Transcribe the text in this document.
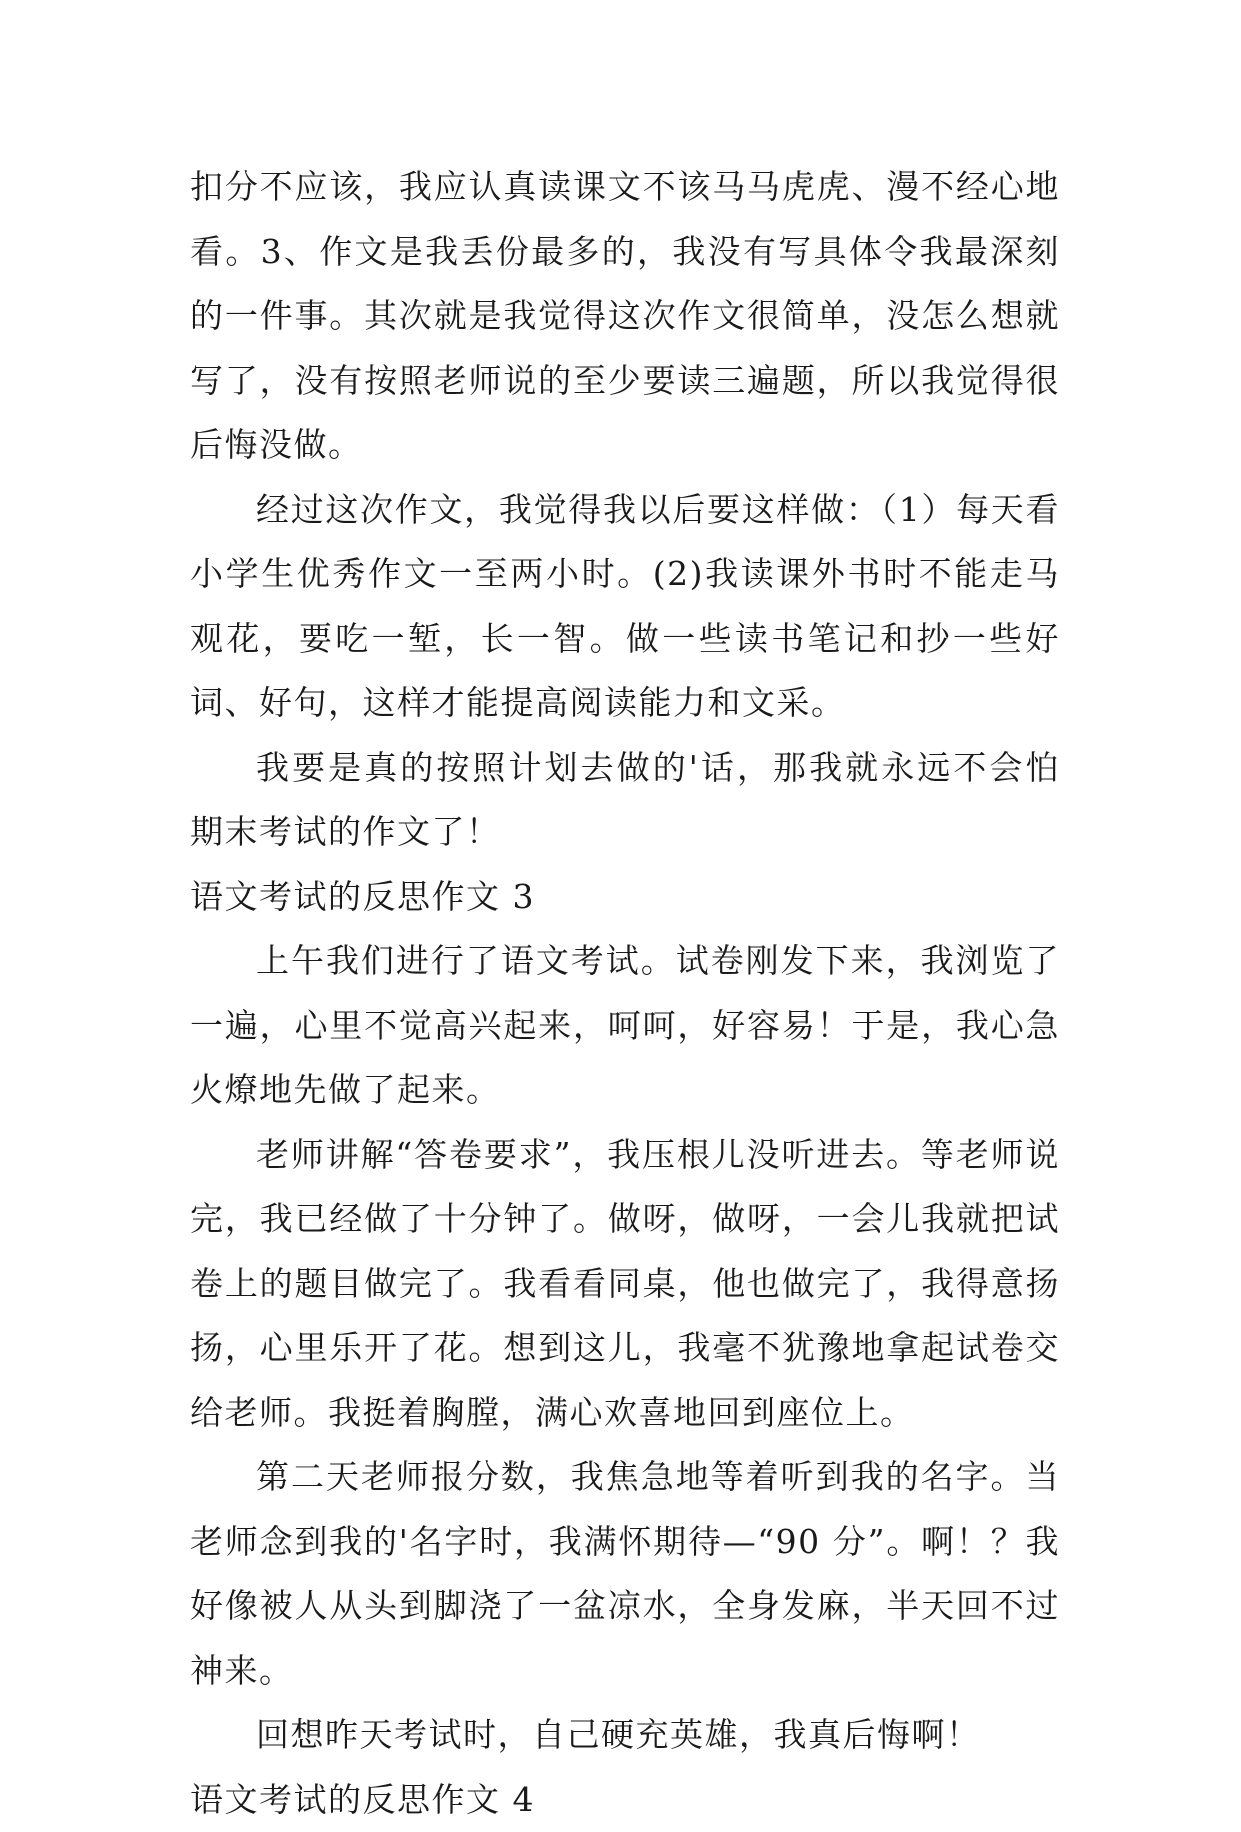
扣分不应该，我应认真读课文不该马马虎虎、漫不经心地看。3、作文是我丢份最多的，我没有写具体令我最深刻的一件事。其次就是我觉得这次作文很简单，没怎么想就写了，没有按照老师说的至少要读三遍题，所以我觉得很后悔没做。

经过这次作文，我觉得我以后要这样做：（1）每天看小学生优秀作文一至两小时。(2)我读课外书时不能走马观花，要吃一堑，长一智。做一些读书笔记和抄一些好词、好句，这样才能提高阅读能力和文采。

我要是真的按照计划去做的'话，那我就永远不会怕期末考试的作文了！

语文考试的反思作文 3

上午我们进行了语文考试。试卷刚发下来，我浏览了一遍，心里不觉高兴起来，呵呵，好容易！于是，我心急火燎地先做了起来。

老师讲解“答卷要求”，我压根儿没听进去。等老师说完，我已经做了十分钟了。做呀，做呀，一会儿我就把试卷上的题目做完了。我看看同桌，他也做完了，我得意扬扬，心里乐开了花。想到这儿，我毫不犹豫地拿起试卷交给老师。我挺着胸膛，满心欢喜地回到座位上。

第二天老师报分数，我焦急地等着听到我的名字。当老师念到我的'名字时，我满怀期待—“90 分”。啊！？我好像被人从头到脚浇了一盆凉水，全身发麻，半天回不过神来。

回想昨天考试时，自己硬充英雄，我真后悔啊！

语文考试的反思作文 4
